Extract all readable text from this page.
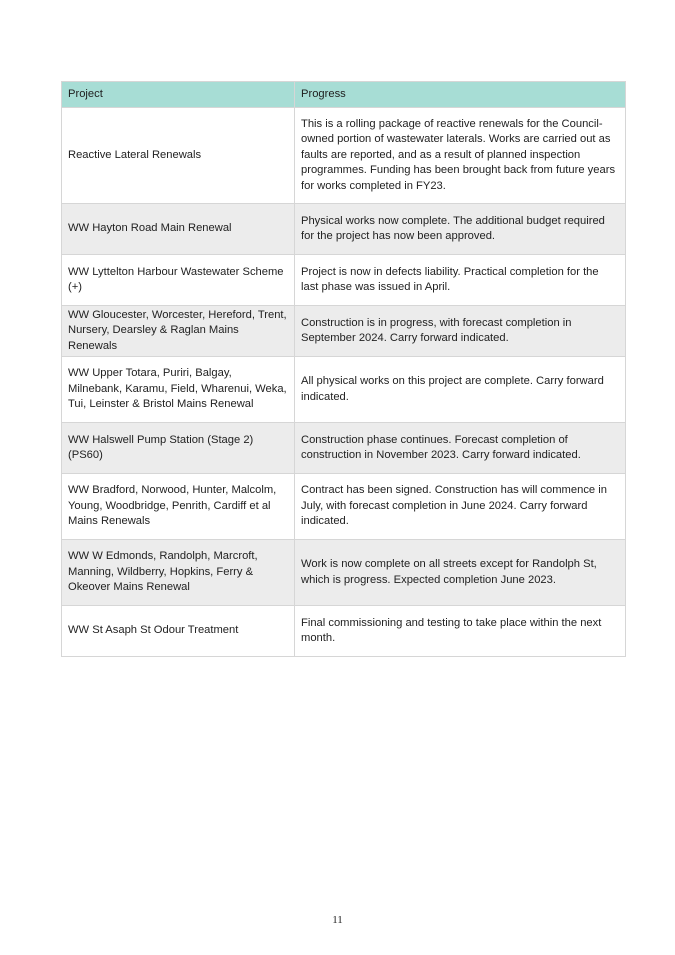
Project	Progress
Reactive Lateral Renewals	This is a rolling package of reactive renewals for the Council-owned portion of wastewater laterals. Works are carried out as faults are reported, and as a result of planned inspection programmes. Funding has been brought back from future years for works completed in FY23.
WW Hayton Road Main Renewal	Physical works now complete. The additional budget required for the project has now been approved.
WW Lyttelton Harbour Wastewater Scheme (+)	Project is now in defects liability. Practical completion for the last phase was issued in April.
WW Gloucester, Worcester, Hereford, Trent, Nursery, Dearsley & Raglan Mains Renewals	Construction is in progress, with forecast completion in September 2024. Carry forward indicated.
WW Upper Totara, Puriri, Balgay, Milnebank, Karamu, Field, Wharenui, Weka, Tui, Leinster & Bristol Mains Renewal	All physical works on this project are complete. Carry forward indicated.
WW Halswell Pump Station (Stage 2) (PS60)	Construction phase continues. Forecast completion of construction in November 2023. Carry forward indicated.
WW Bradford, Norwood, Hunter, Malcolm, Young, Woodbridge, Penrith, Cardiff et al Mains Renewals	Contract has been signed. Construction has will commence in July, with forecast completion in June 2024. Carry forward indicated.
WW W Edmonds, Randolph, Marcroft, Manning, Wildberry, Hopkins, Ferry & Okeover Mains Renewal	Work is now complete on all streets except for Randolph St, which is progress. Expected completion June 2023.
WW St Asaph St Odour Treatment	Final commissioning and testing to take place within the next month.
11
